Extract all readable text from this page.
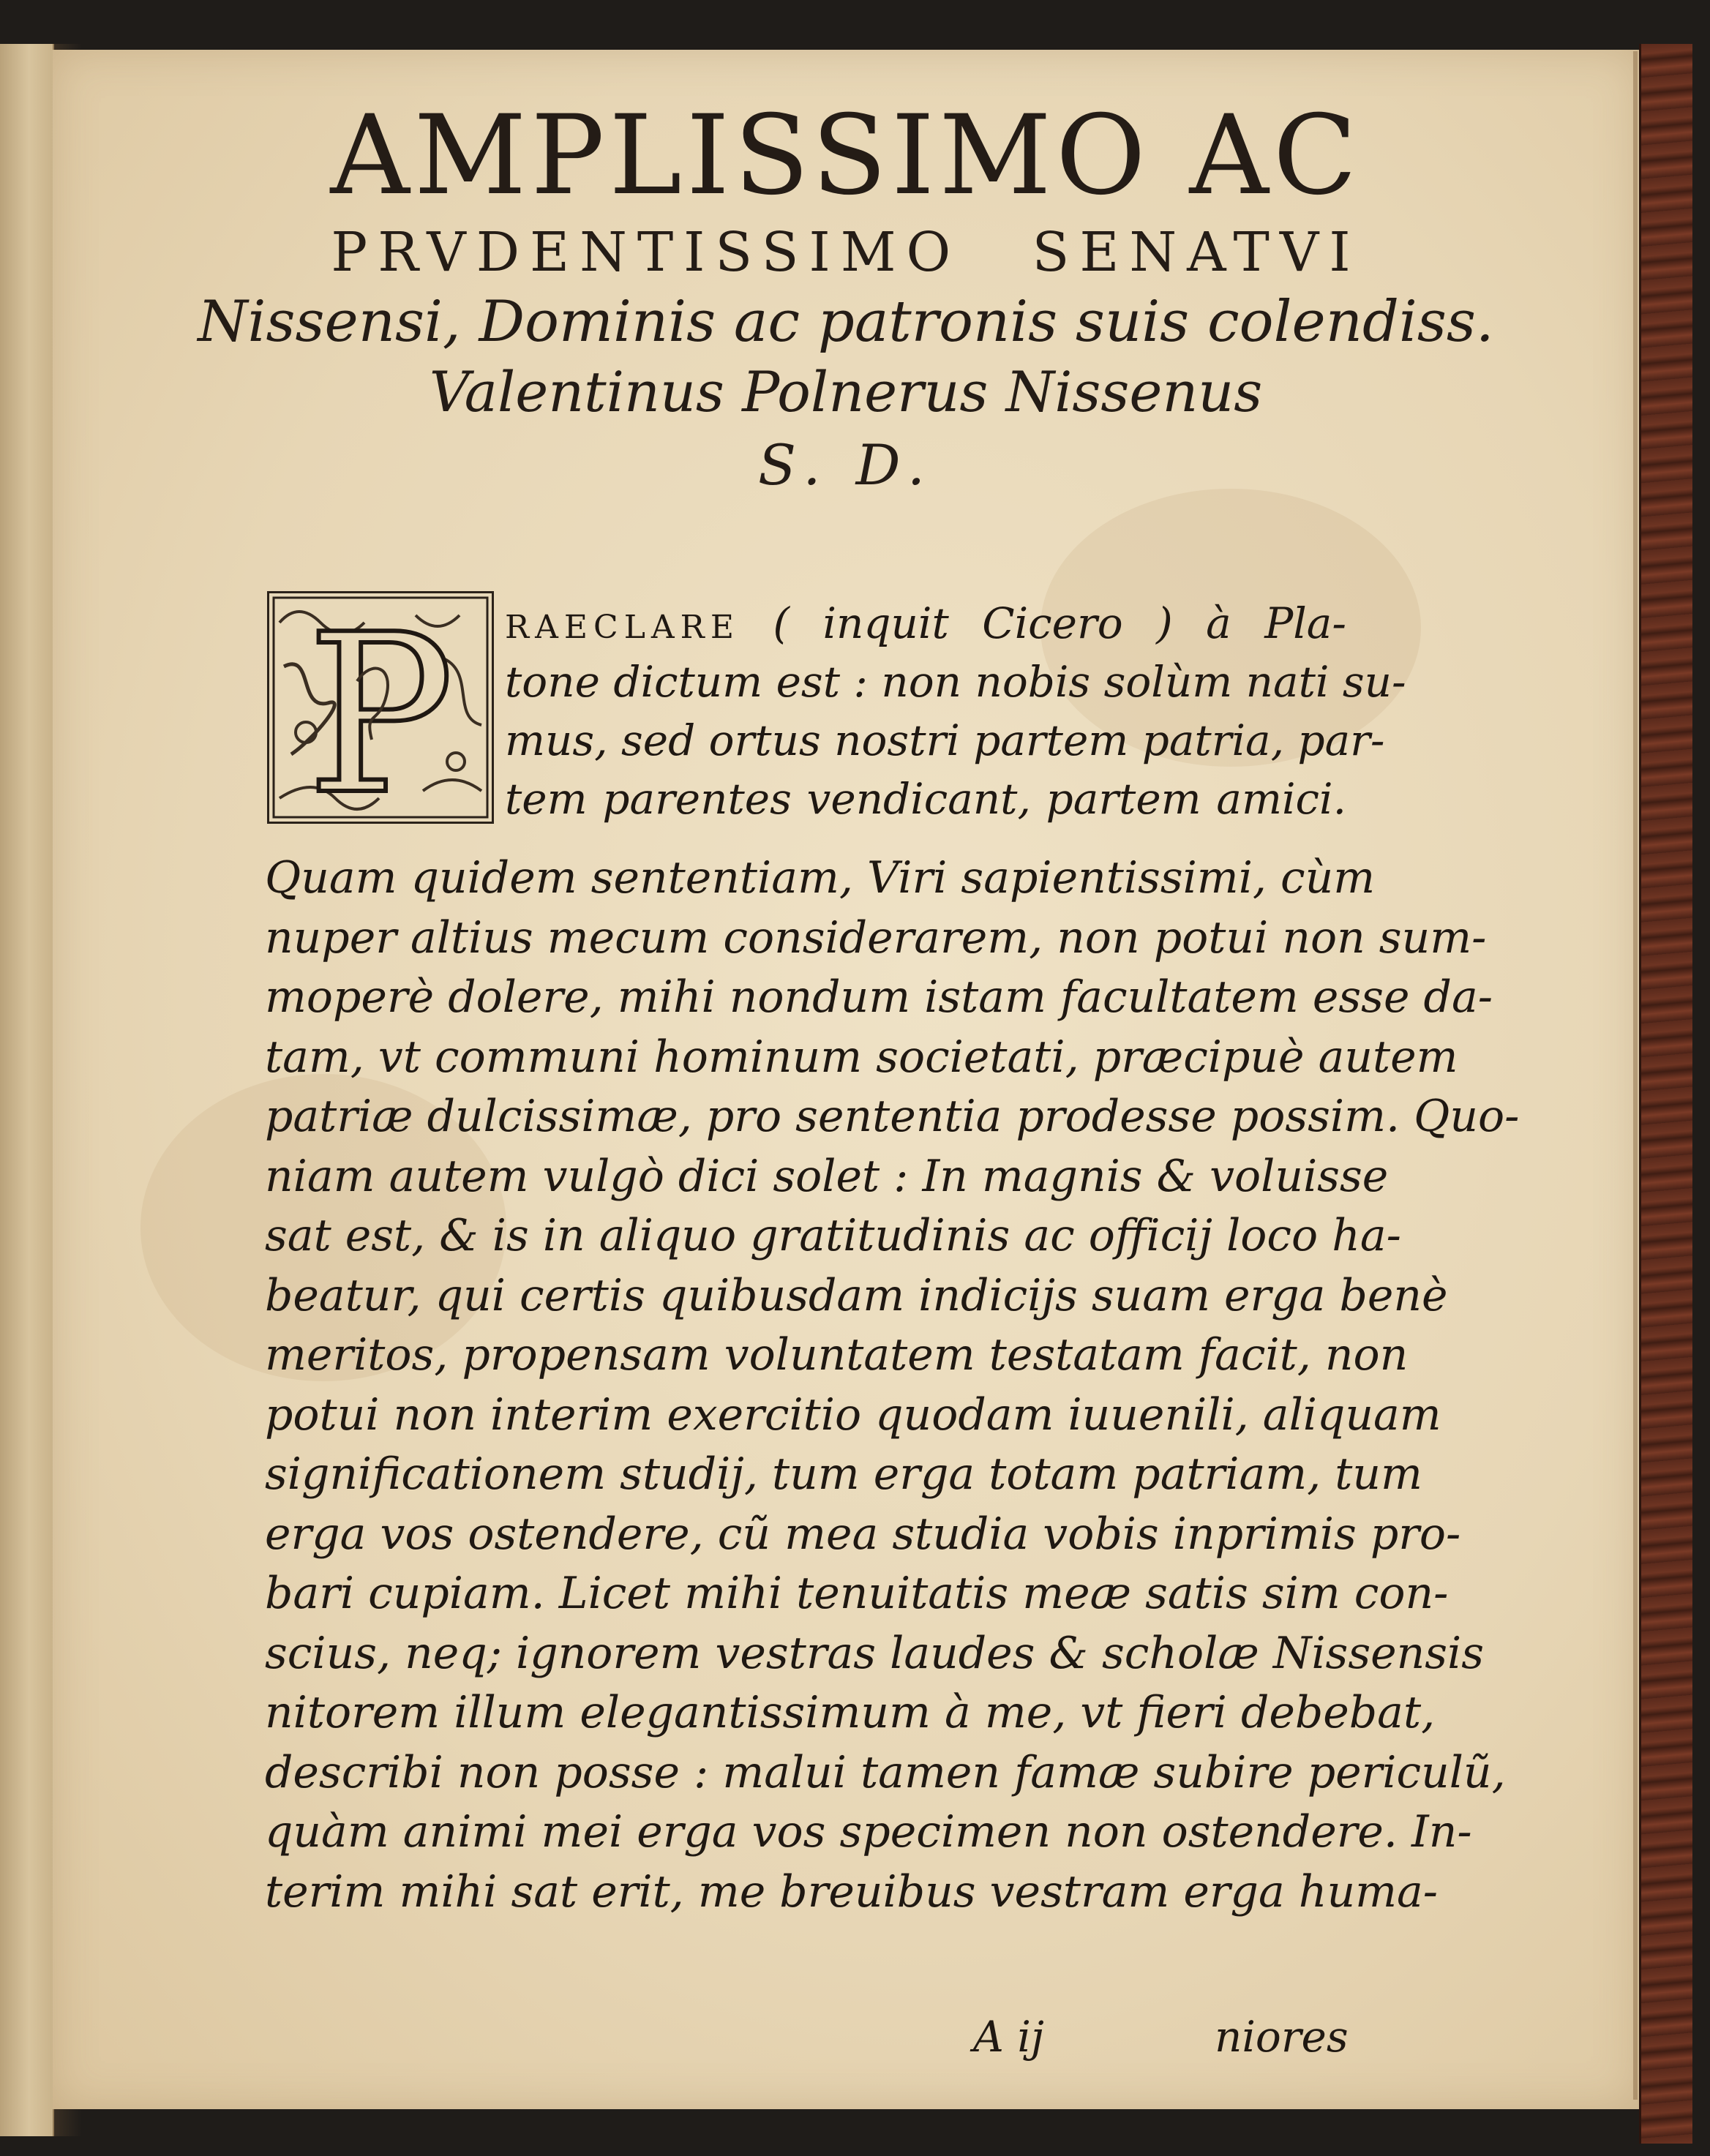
AMPLISSIMO AC
PRVDENTISSIMO SENATVI
Nissensi, Dominis ac patronis suis colendiss.
Valentinus Polnerus Nissenus
S. D.
P RAECLARE ( inquit Cicero ) à Pla-
tone dictum est : non nobis solùm nati su-
mus, sed ortus nostri partem patria, par-
tem parentes vendicant, partem amici.
Quam quidem sententiam, Viri sapientissimi, cùm
nuper altius mecum considerarem, non potui non sum-
moperè dolere, mihi nondum istam facultatem esse da-
tam, vt communi hominum societati, præcipuè autem
patriæ dulcissimæ, pro sententia prodesse possim. Quo-
niam autem vulgò dici solet : In magnis & voluisse
sat est, & is in aliquo gratitudinis ac officij loco ha-
beatur, qui certis quibusdam indicijs suam erga benè
meritos, propensam voluntatem testatam facit, non
potui non interim exercitio quodam iuuenili, aliquam
significationem studij, tum erga totam patriam, tum
erga vos ostendere, cũ mea studia vobis inprimis pro-
bari cupiam. Licet mihi tenuitatis meæ satis sim con-
scius, neq; ignorem vestras laudes & scholæ Nissensis
nitorem illum elegantissimum à me, vt fieri debebat,
describi non posse : malui tamen famæ subire periculũ,
quàm animi mei erga vos specimen non ostendere. In-
terim mihi sat erit, me breuibus vestram erga huma-
A ij	niores
